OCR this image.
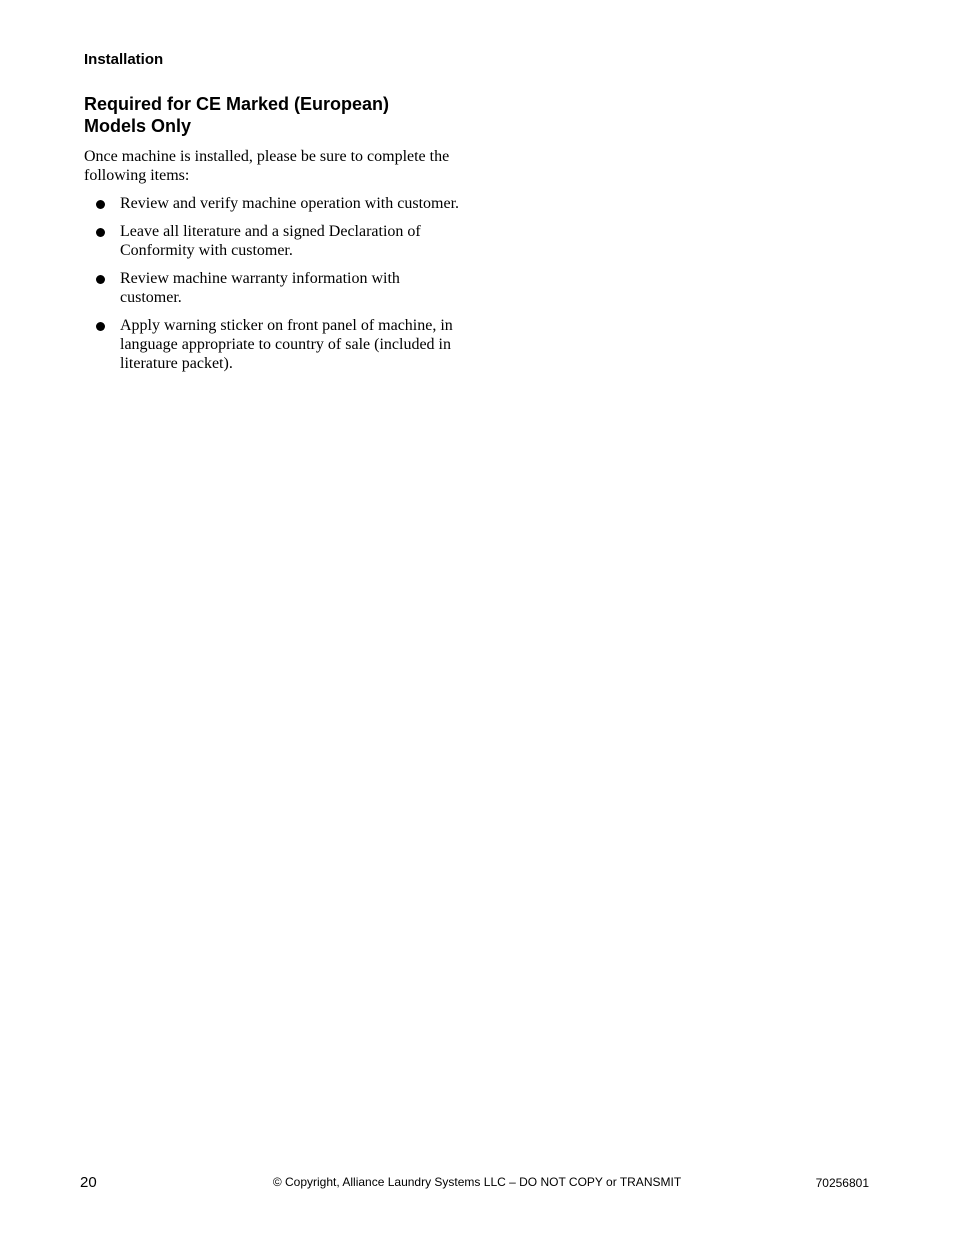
Installation
Required for CE Marked (European)
Models Only

Once machine is installed, please be sure to complete the following items:

Review and verify machine operation with customer.
Leave all literature and a signed Declaration of Conformity with customer.
Review machine warranty information with customer.
Apply warning sticker on front panel of machine, in language appropriate to country of sale (included in literature packet).
20	© Copyright, Alliance Laundry Systems LLC – DO NOT COPY or TRANSMIT	70256801
